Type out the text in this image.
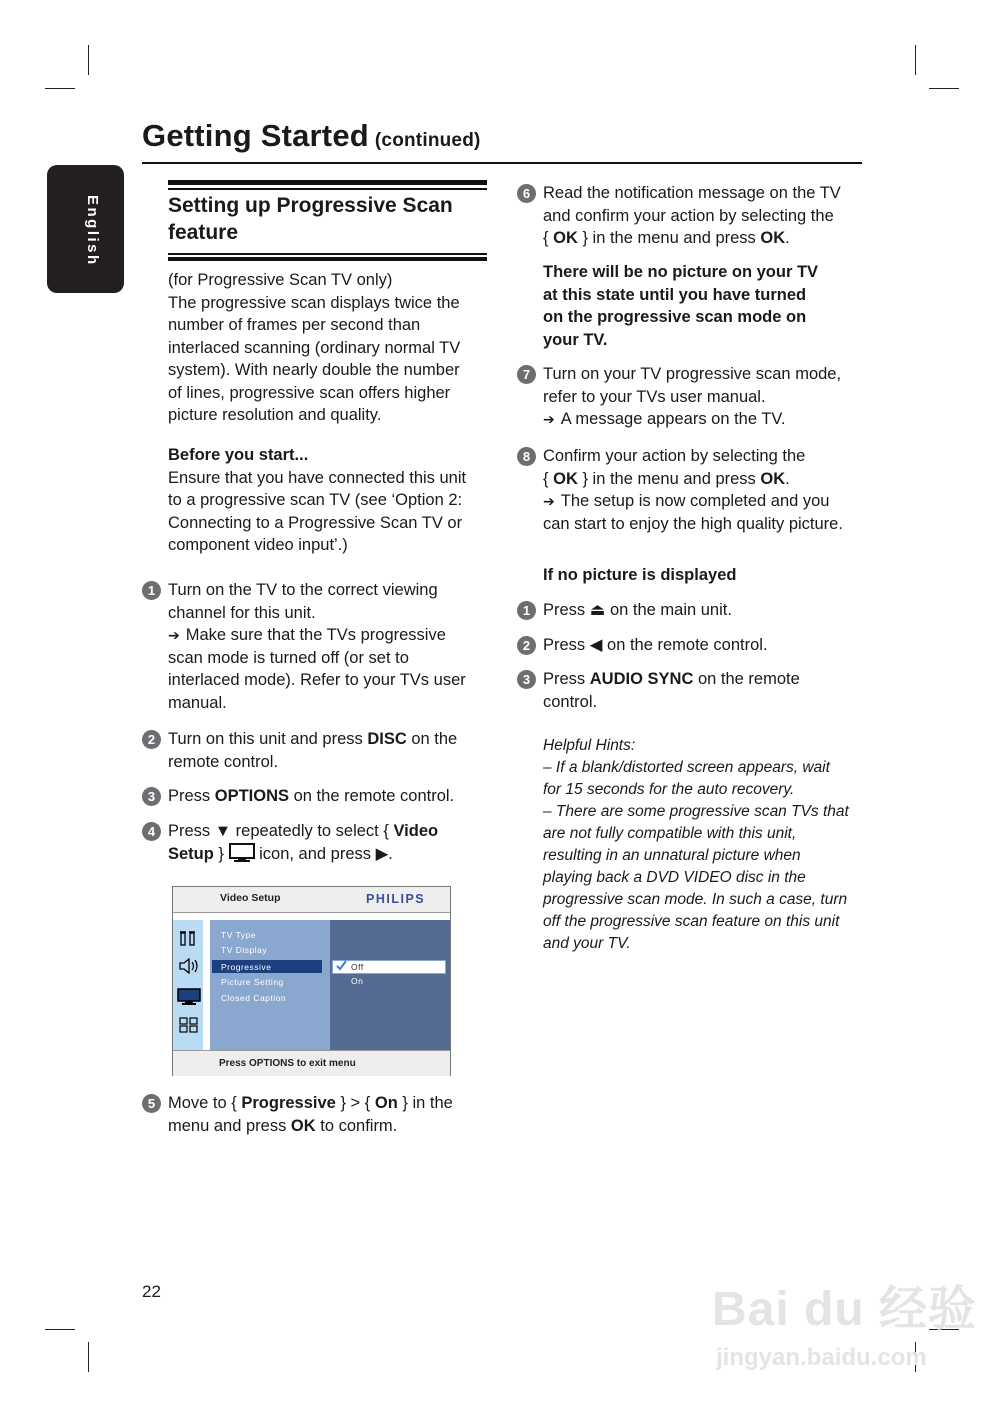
Getting Started (continued)
English	Setting up Progressive Scan
feature
(for Progressive Scan TV only)
The progressive scan displays twice the
number of frames per second than
interlaced scanning (ordinary normal TV
system). With nearly double the number
of lines, progressive scan offers higher
picture resolution and quality.
Before you start...
Ensure that you have connected this unit
to a progressive scan TV (see ‘Option 2:
Connecting to a Progressive Scan TV or
component video input’.)
1 Turn on the TV to the correct viewing
channel for this unit.
➔ Make sure that the TVs progressive
scan mode is turned off (or set to
interlaced mode). Refer to your TVs user
manual.
2 Turn on this unit and press DISC on the
remote control.
3 Press OPTIONS on the remote control.
4 Press ▼ repeatedly to select { Video
Setup }  icon, and press ▶.
Video Setup	PHILIPS
TV Type
TV Display
Progressive
Picture Setting
Closed Caption
Off
On
Press OPTIONS to exit menu
5 Move to { Progressive } > { On } in the
menu and press OK to confirm.
6 Read the notification message on the TV
and confirm your action by selecting the
{ OK } in the menu and press OK.
There will be no picture on your TV
at this state until you have turned
on the progressive scan mode on
your TV.
7 Turn on your TV progressive scan mode,
refer to your TVs user manual.
➔ A message appears on the TV.
8 Confirm your action by selecting the
{ OK } in the menu and press OK.
➔ The setup is now completed and you
can start to enjoy the high quality picture.
If no picture is displayed
1 Press ⏏ on the main unit.
2 Press ◀ on the remote control.
3 Press AUDIO SYNC on the remote
control.
Helpful Hints:
– If a blank/distorted screen appears, wait
for 15 seconds for the auto recovery.
– There are some progressive scan TVs that
are not fully compatible with this unit,
resulting in an unnatural picture when
playing back a DVD VIDEO disc in the
progressive scan mode. In such a case, turn
off the progressive scan feature on this unit
and your TV.
22	Bai du 经验
jingyan.baidu.com
